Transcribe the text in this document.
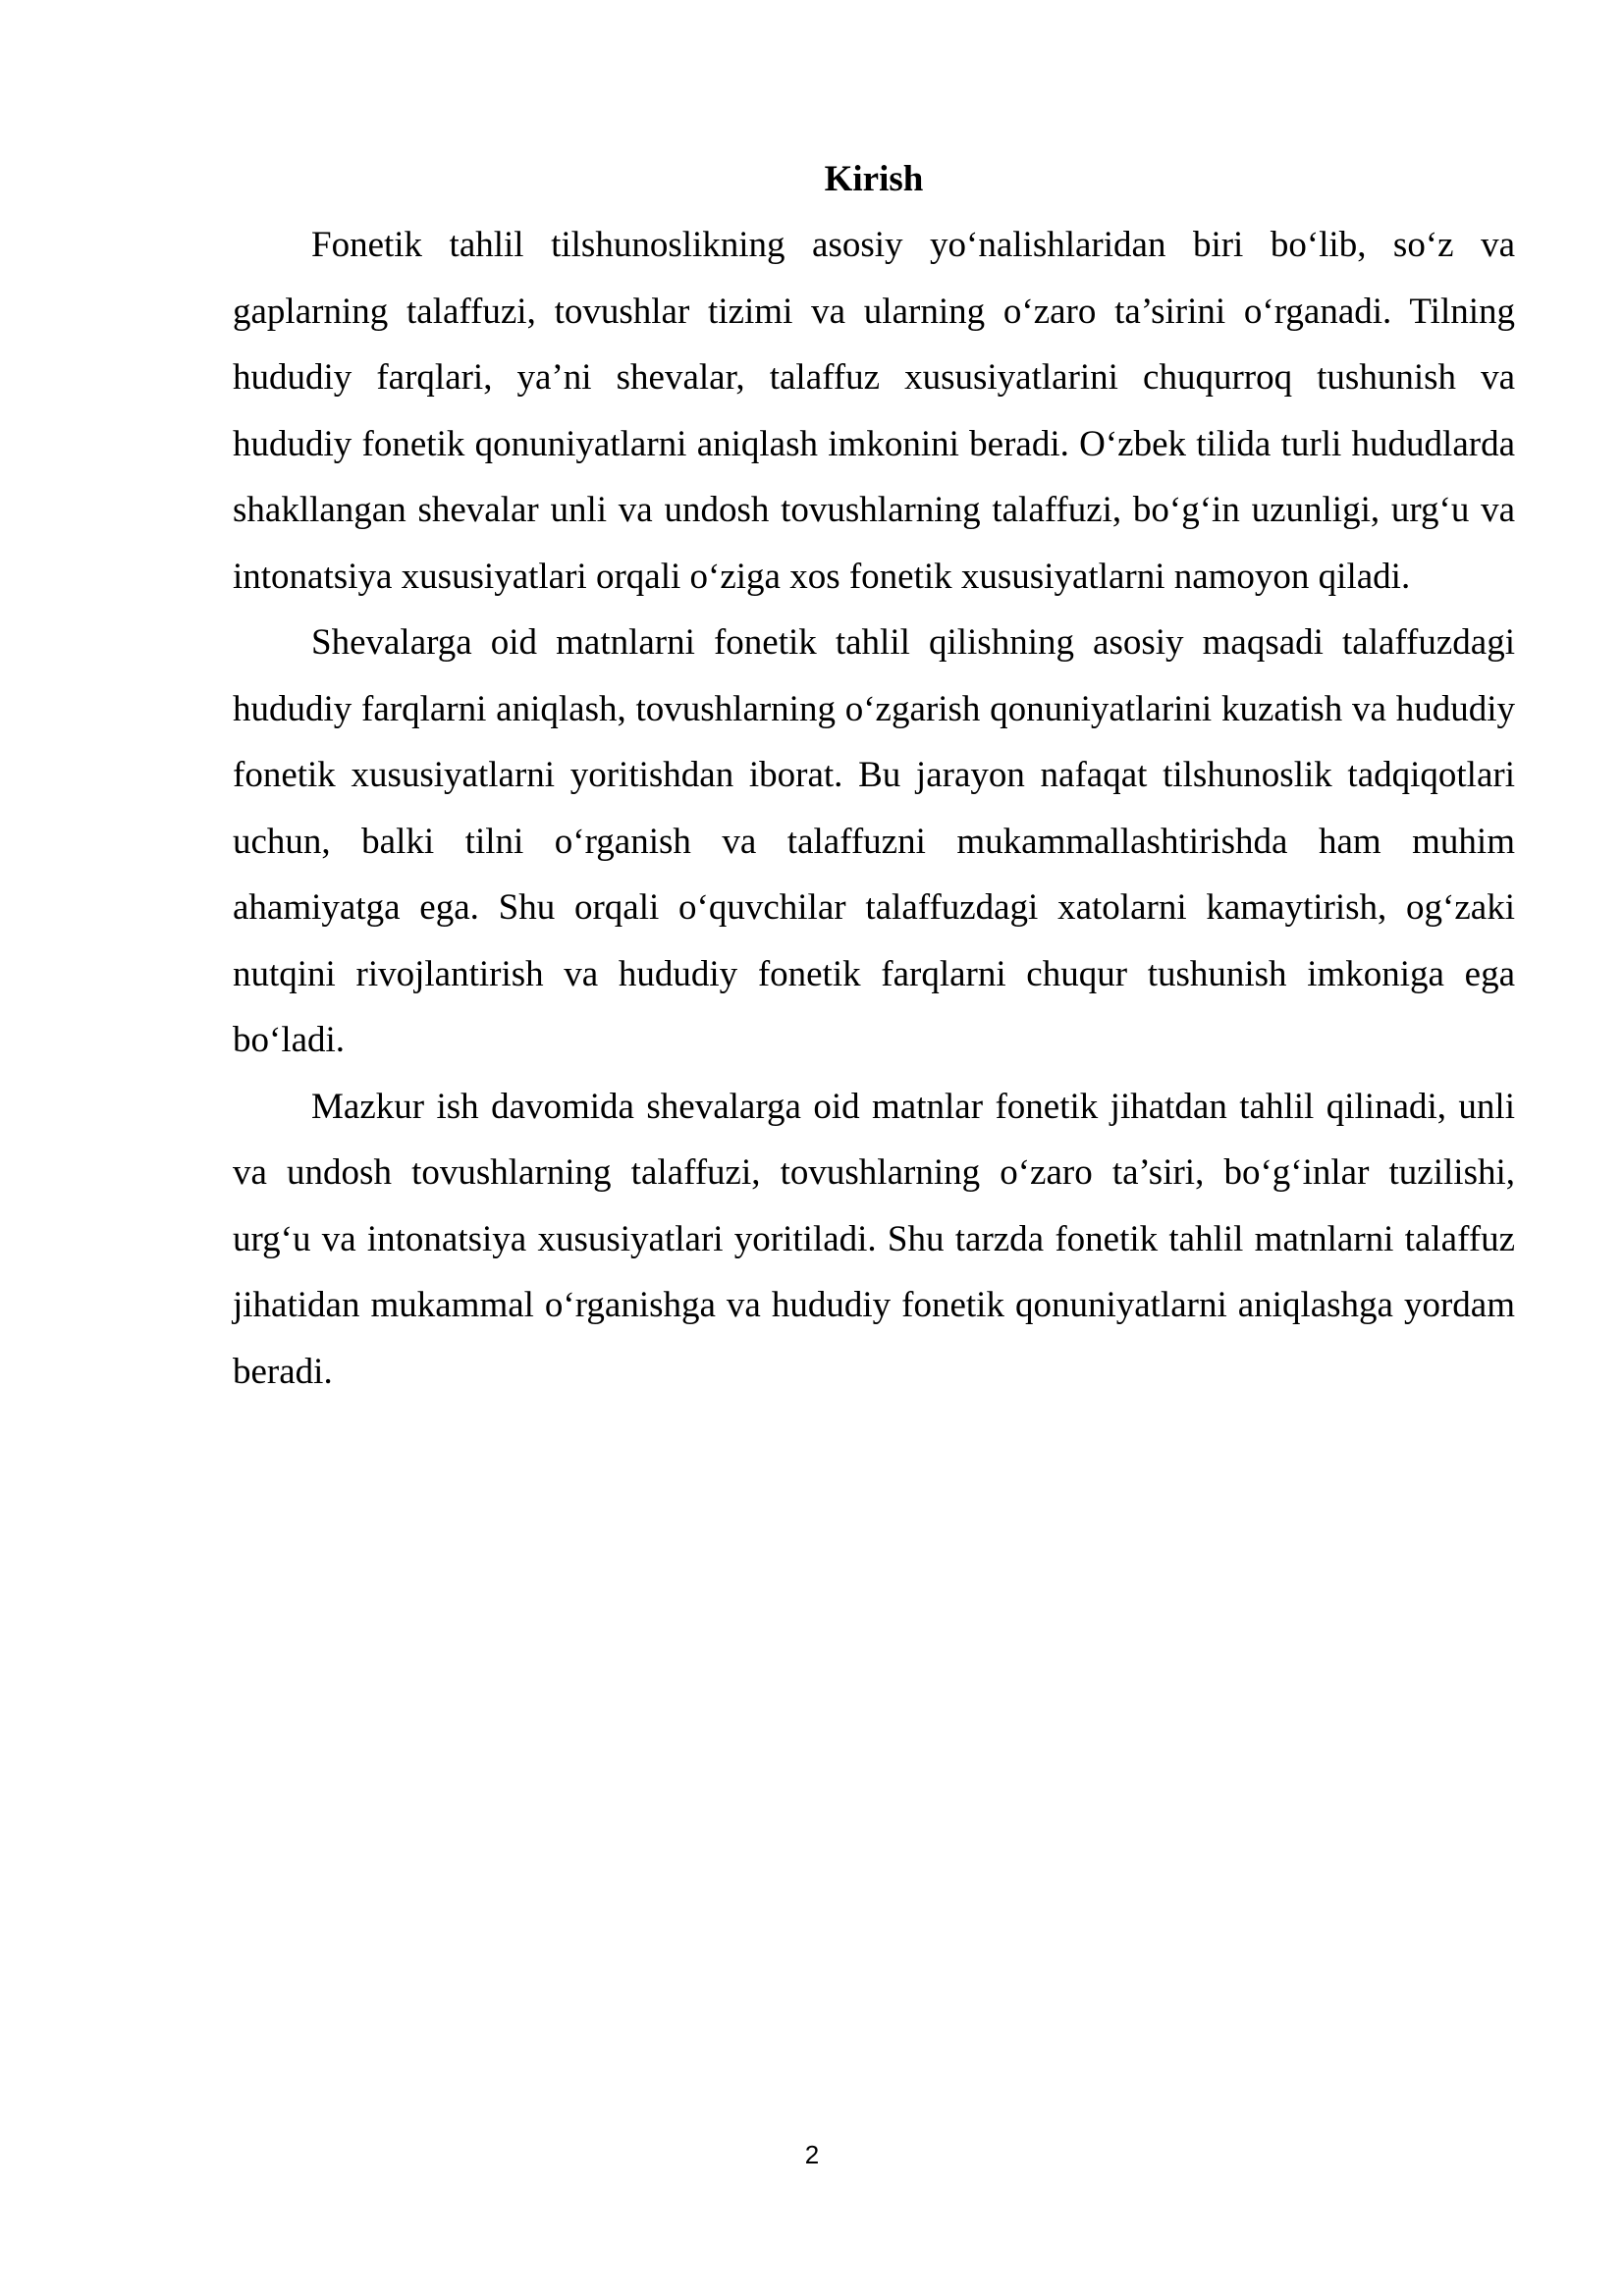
Kirish

Fonetik tahlil tilshunoslikning asosiy yo‘nalishlaridan biri bo‘lib, so‘z va gaplarning talaffuzi, tovushlar tizimi va ularning o‘zaro ta’sirini o‘rganadi. Tilning hududiy farqlari, ya’ni shevalar, talaffuz xususiyatlarini chuqurroq tushunish va hududiy fonetik qonuniyatlarni aniqlash imkonini beradi. O‘zbek tilida turli hududlarda shakllangan shevalar unli va undosh tovushlarning talaffuzi, bo‘g‘in uzunligi, urg‘u va intonatsiya xususiyatlari orqali o‘ziga xos fonetik xususiyatlarni namoyon qiladi.

Shevalarga oid matnlarni fonetik tahlil qilishning asosiy maqsadi talaffuzdagi hududiy farqlarni aniqlash, tovushlarning o‘zgarish qonuniyatlarini kuzatish va hududiy fonetik xususiyatlarni yoritishdan iborat. Bu jarayon nafaqat tilshunoslik tadqiqotlari uchun, balki tilni o‘rganish va talaffuzni mukammallashtirishda ham muhim ahamiyatga ega. Shu orqali o‘quvchilar talaffuzdagi xatolarni kamaytirish, og‘zaki nutqini rivojlantirish va hududiy fonetik farqlarni chuqur tushunish imkoniga ega bo‘ladi.

Mazkur ish davomida shevalarga oid matnlar fonetik jihatdan tahlil qilinadi, unli va undosh tovushlarning talaffuzi, tovushlarning o‘zaro ta’siri, bo‘g‘inlar tuzilishi, urg‘u va intonatsiya xususiyatlari yoritiladi. Shu tarzda fonetik tahlil matnlarni talaffuz jihatidan mukammal o‘rganishga va hududiy fonetik qonuniyatlarni aniqlashga yordam beradi.

2
